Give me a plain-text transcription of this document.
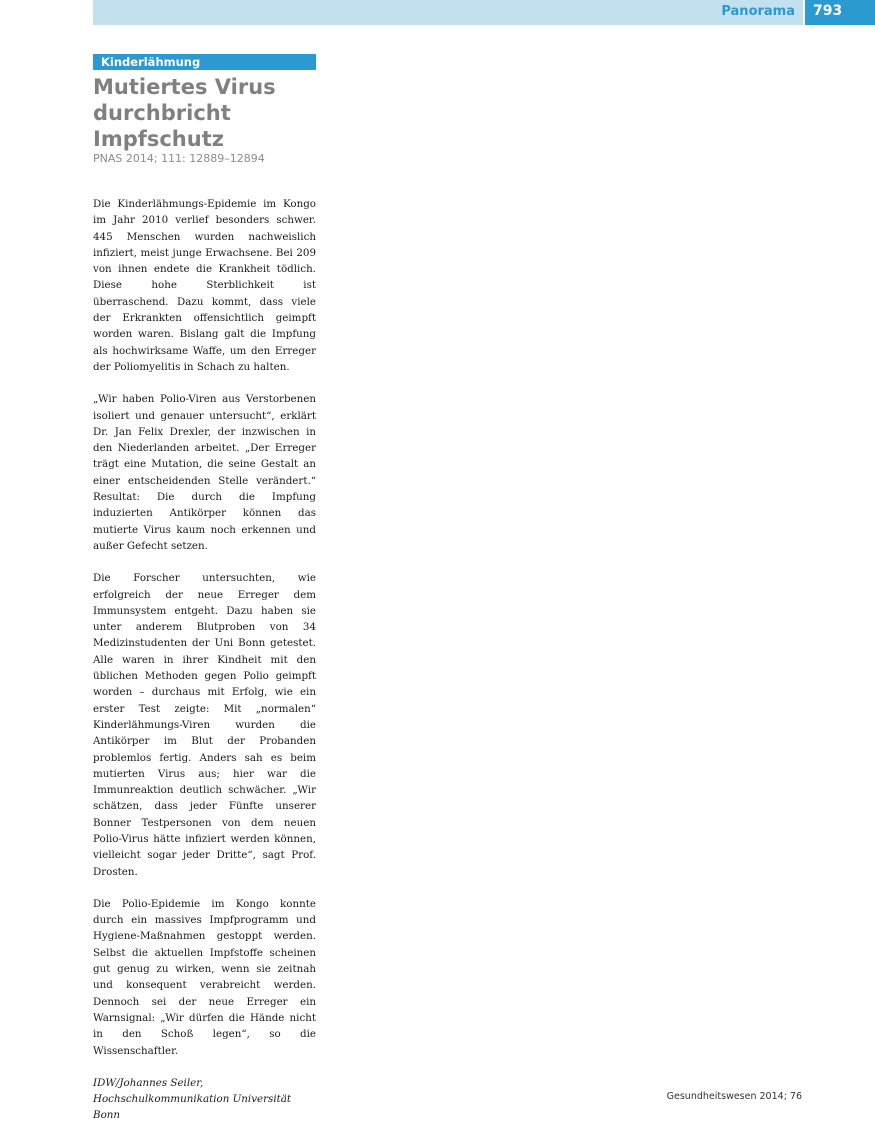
Panorama 793
Kinderlähmung
Mutiertes Virus durchbricht Impfschutz
PNAS 2014; 111: 12889–12894

Die Kinderlähmungs-Epidemie im Kongo im Jahr 2010 verlief besonders schwer. 445 Menschen wurden nachweislich infiziert, meist junge Erwachsene. Bei 209 von ihnen endete die Krankheit tödlich. Diese hohe Sterblichkeit ist überraschend. Dazu kommt, dass viele der Erkrankten offensichtlich geimpft worden waren. Bislang galt die Impfung als hochwirksame Waffe, um den Erreger der Poliomyelitis in Schach zu halten.

„Wir haben Polio-Viren aus Verstorbenen isoliert und genauer untersucht“, erklärt Dr. Jan Felix Drexler, der inzwischen in den Niederlanden arbeitet. „Der Erreger trägt eine Mutation, die seine Gestalt an einer entscheidenden Stelle verändert.“ Resultat: Die durch die Impfung induzierten Antikörper können das mutierte Virus kaum noch erkennen und außer Gefecht setzen.

Die Forscher untersuchten, wie erfolgreich der neue Erreger dem Immunsystem entgeht. Dazu haben sie unter anderem Blutproben von 34 Medizinstudenten der Uni Bonn getestet. Alle waren in ihrer Kindheit mit den üblichen Methoden gegen Polio geimpft worden – durchaus mit Erfolg, wie ein erster Test zeigte: Mit „normalen“ Kinderlähmungs-Viren wurden die Antikörper im Blut der Probanden problemlos fertig. Anders sah es beim mutierten Virus aus; hier war die Immunreaktion deutlich schwächer. „Wir schätzen, dass jeder Fünfte unserer Bonner Testpersonen von dem neuen Polio-Virus hätte infiziert werden können, vielleicht sogar jeder Dritte“, sagt Prof. Drosten.

Die Polio-Epidemie im Kongo konnte durch ein massives Impfprogramm und Hygiene-Maßnahmen gestoppt werden. Selbst die aktuellen Impfstoffe scheinen gut genug zu wirken, wenn sie zeitnah und konsequent verabreicht werden. Dennoch sei der neue Erreger ein Warnsignal: „Wir dürfen die Hände nicht in den Schoß legen“, so die Wissenschaftler.

IDW/Johannes Seiler, Hochschulkommunikation Universität Bonn

Gesundheitswesen 2014; 76
